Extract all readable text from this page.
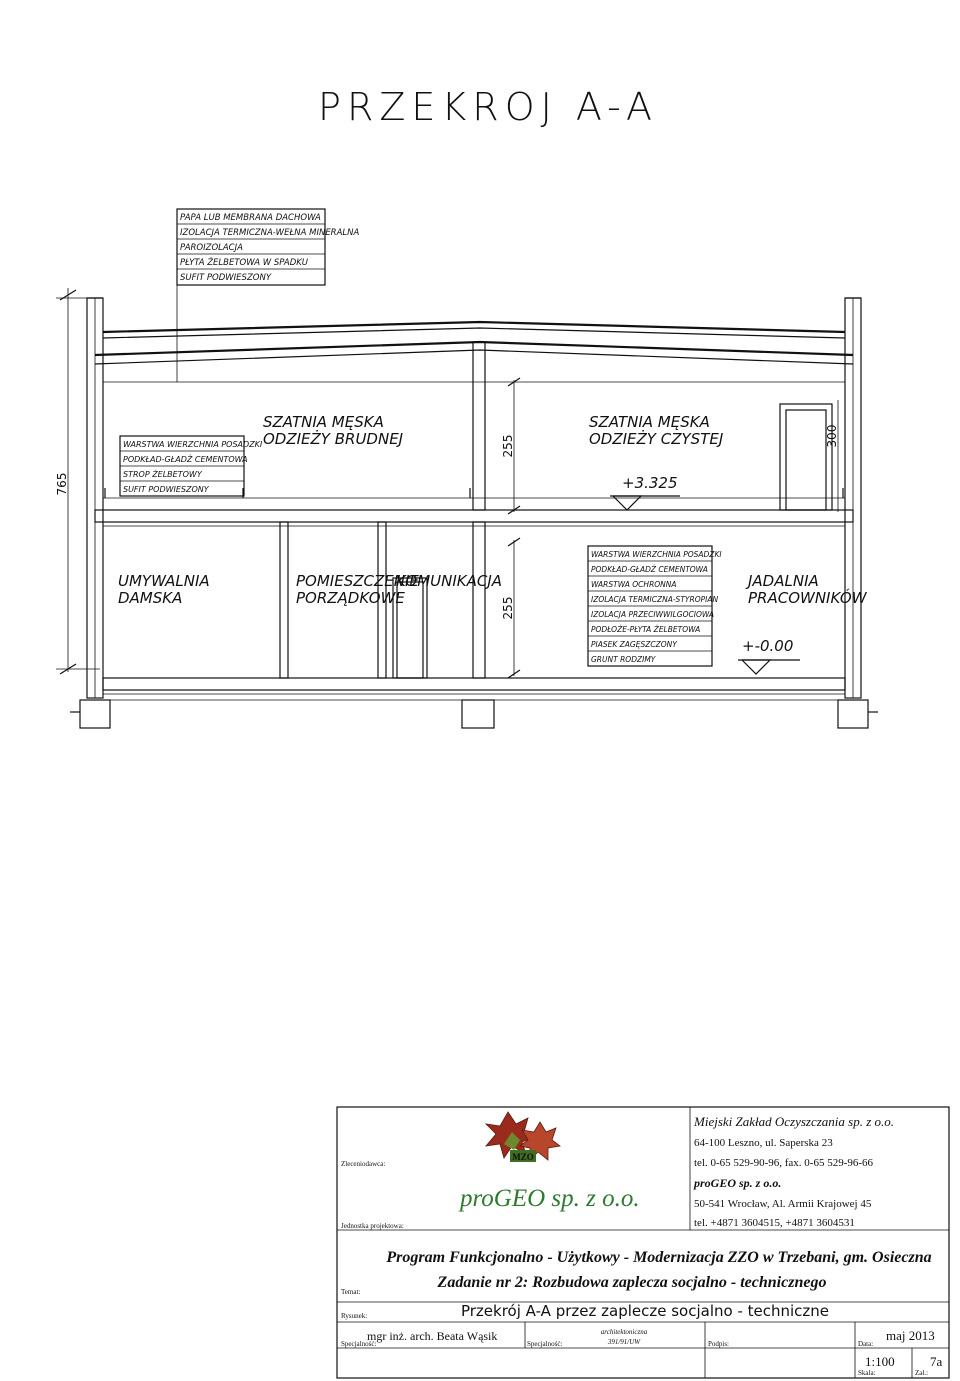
PRZEKROJ A-A
PAPA LUB MEMBRANA DACHOWA
IZOLACJA TERMICZNA-WEŁNA MINERALNA
PAROIZOLACJA
PŁYTA ŻELBETOWA W SPADKU
SUFIT PODWIESZONY
765
255
255
300
WARSTWA WIERZCHNIA POSADZKI
PODKŁAD-GŁADŹ CEMENTOWA
STROP ŻELBETOWY
SUFIT PODWIESZONY
WARSTWA WIERZCHNIA POSADZKI
PODKŁAD-GŁADŹ CEMENTOWA
WARSTWA OCHRONNA
IZOLACJA TERMICZNA-STYROPIAN
IZOLACJA PRZECIWWILGOCIOWA
PODŁOŻE-PŁYTA ŻELBETOWA
PIASEK ZAGĘSZCZONY
GRUNT RODZIMY
SZATNIA MĘSKA
ODZIEŻY BRUDNEJ
SZATNIA MĘSKA
ODZIEŻY CZYSTEJ
UMYWALNIA
DAMSKA
POMIESZCZENIE
PORZĄDKOWE
KOMUNIKACJA	JADALNIA
PRACOWNIKÓW
+3.325
+-0.00
Zleceniodawca:
Jednostka projektowa:
Temat:
Rysunek:
Specjalność:	Specjalność:	Podpis:	Data:
Skala:	Zał.:
MZO
proGEO sp. z o.o.
Miejski Zakład Oczyszczania sp. z o.o.
64-100 Leszno, ul. Saperska 23
tel. 0-65 529-90-96, fax. 0-65 529-96-66
proGEO sp. z o.o.
50-541 Wrocław, Al. Armii Krajowej 45
tel. +4871 3604515, +4871 3604531
Program Funkcjonalno - Użytkowy - Modernizacja ZZO w Trzebani, gm. Osieczna
Zadanie nr 2: Rozbudowa zaplecza socjalno - technicznego
Przekrój A-A przez zaplecze socjalno - techniczne
mgr inż. arch. Beata Wąsik	architektoniczna
391/91/UW	maj 2013
1:100	7a
